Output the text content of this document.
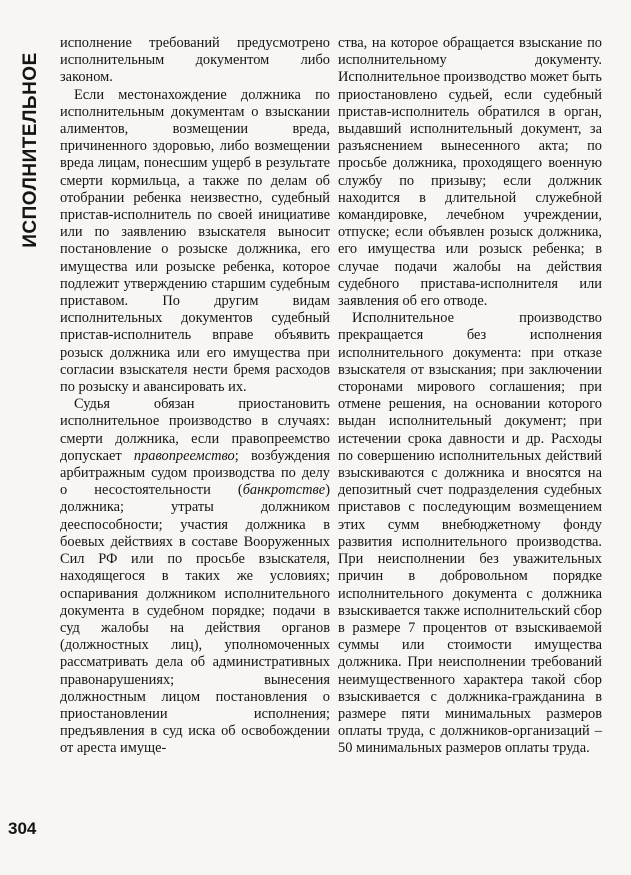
ИСПОЛНИТЕЛЬНОЕ

исполнение требований предусмотрено исполнительным документом либо законом.

Если местонахождение должника по исполнительным документам о взыскании алиментов, возмещении вреда, причиненного здоровью, либо возмещении вреда лицам, понесшим ущерб в результате смерти кормильца, а также по делам об отобрании ребенка неизвестно, судебный пристав-исполнитель по своей инициативе или по заявлению взыскателя выносит постановление о розыске должника, его имущества или розыске ребенка, которое подлежит утверждению старшим судебным приставом. По другим видам исполнительных документов судебный пристав-исполнитель вправе объявить розыск должника или его имущества при согласии взыскателя нести бремя расходов по розыску и авансировать их.

Судья обязан приостановить исполнительное производство в случаях: смерти должника, если правопреемство допускает правопреемство; возбуждения арбитражным судом производства по делу о несостоятельности (банкротстве) должника; утраты должником дееспособности; участия должника в боевых действиях в составе Вооруженных Сил РФ или по просьбе взыскателя, находящегося в таких же условиях; оспаривания должником исполнительного документа в судебном порядке; подачи в суд жалобы на действия органов (должностных лиц), уполномоченных рассматривать дела об административных правонарушениях; вынесения должностным лицом постановления о приостановлении исполнения; предъявления в суд иска об освобождении от ареста имуще-

ства, на которое обращается взыскание по исполнительному документу. Исполнительное производство может быть приостановлено судьей, если судебный пристав-исполнитель обратился в орган, выдавший исполнительный документ, за разъяснением вынесенного акта; по просьбе должника, проходящего военную службу по призыву; если должник находится в длительной служебной командировке, лечебном учреждении, отпуске; если объявлен розыск должника, его имущества или розыск ребенка; в случае подачи жалобы на действия судебного пристава-исполнителя или заявления об его отводе.

Исполнительное производство прекращается без исполнения исполнительного документа: при отказе взыскателя от взыскания; при заключении сторонами мирового соглашения; при отмене решения, на основании которого выдан исполнительный документ; при истечении срока давности и др. Расходы по совершению исполнительных действий взыскиваются с должника и вносятся на депозитный счет подразделения судебных приставов с последующим возмещением этих сумм внебюджетному фонду развития исполнительного производства. При неисполнении без уважительных причин в добровольном порядке исполнительного документа с должника взыскивается также исполнительский сбор в размере 7 процентов от взыскиваемой суммы или стоимости имущества должника. При неисполнении требований неимущественного характера такой сбор взыскивается с должника-гражданина в размере пяти минимальных размеров оплаты труда, с должников-организаций – 50 минимальных размеров оплаты труда.

304
